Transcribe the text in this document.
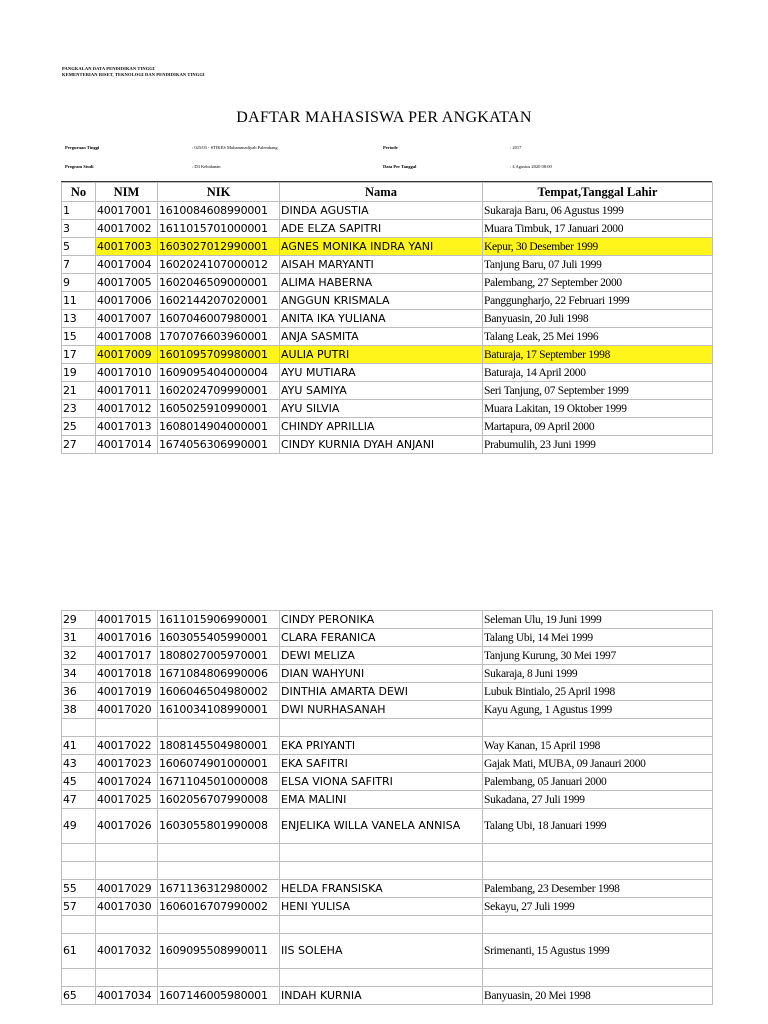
PANGKALAN DATA PENDIDIKAN TINGGI
KEMENTERIAN RISET, TEKNOLOGI DAN PENDIDIKAN TINGGI
DAFTAR MAHASISWA PER ANGKATAN
Perguruan Tinggi	: 025/03 - STIKES Muhammadiyah Palembang	Periode	: 2017
Program Studi	: D3 Kebidanan	Data Per Tanggal	: 4 Agustus 2020 08:00
No	NIM	NIK	Nama	Tempat,Tanggal Lahir
1	40017001	1610084608990001	DINDA AGUSTIA	Sukaraja Baru, 06 Agustus 1999
3	40017002	1611015701000001	ADE ELZA SAPITRI	Muara Timbuk, 17 Januari 2000
5	40017003	1603027012990001	AGNES MONIKA INDRA YANI	Kepur, 30 Desember 1999
7	40017004	1602024107000012	AISAH MARYANTI	Tanjung Baru, 07 Juli 1999
9	40017005	1602046509000001	ALIMA HABERNA	Palembang, 27 September 2000
11	40017006	1602144207020001	ANGGUN KRISMALA	Panggungharjo, 22 Februari 1999
13	40017007	1607046007980001	ANITA IKA YULIANA	Banyuasin, 20 Juli 1998
15	40017008	1707076603960001	ANJA SASMITA	Talang Leak, 25 Mei 1996
17	40017009	1601095709980001	AULIA PUTRI	Baturaja, 17 September 1998
19	40017010	1609095404000004	AYU MUTIARA	Baturaja, 14 April 2000
21	40017011	1602024709990001	AYU SAMIYA	Seri Tanjung, 07 September 1999
23	40017012	1605025910990001	AYU SILVIA	Muara Lakitan, 19 Oktober 1999
25	40017013	1608014904000001	CHINDY APRILLIA	Martapura, 09 April 2000
27	40017014	1674056306990001	CINDY KURNIA DYAH ANJANI	Prabumulih, 23 Juni 1999
29	40017015	1611015906990001	CINDY PERONIKA	Seleman Ulu, 19 Juni 1999
31	40017016	1603055405990001	CLARA FERANICA	Talang Ubi, 14 Mei 1999
32	40017017	1808027005970001	DEWI MELIZA	Tanjung Kurung, 30 Mei 1997
34	40017018	1671084806990006	DIAN WAHYUNI	Sukaraja, 8 Juni 1999
36	40017019	1606046504980002	DINTHIA AMARTA DEWI	Lubuk Bintialo, 25 April 1998
38	40017020	1610034108990001	DWI NURHASANAH	Kayu Agung, 1 Agustus 1999

41	40017022	1808145504980001	EKA PRIYANTI	Way Kanan, 15 April 1998
43	40017023	1606074901000001	EKA SAFITRI	Gajak Mati, MUBA, 09 Janauri 2000
45	40017024	1671104501000008	ELSA VIONA SAFITRI	Palembang, 05 Januari 2000
47	40017025	1602056707990008	EMA MALINI	Sukadana, 27 Juli 1999
49	40017026	1603055801990008	ENJELIKA WILLA VANELA ANNISA	Talang Ubi, 18 Januari 1999

55	40017029	1671136312980002	HELDA FRANSISKA	Palembang, 23 Desember 1998
57	40017030	1606016707990002	HENI YULISA	Sekayu, 27 Juli 1999

61	40017032	1609095508990011	IIS SOLEHA	Srimenanti, 15 Agustus 1999

65	40017034	1607146005980001	INDAH KURNIA	Banyuasin, 20 Mei 1998
